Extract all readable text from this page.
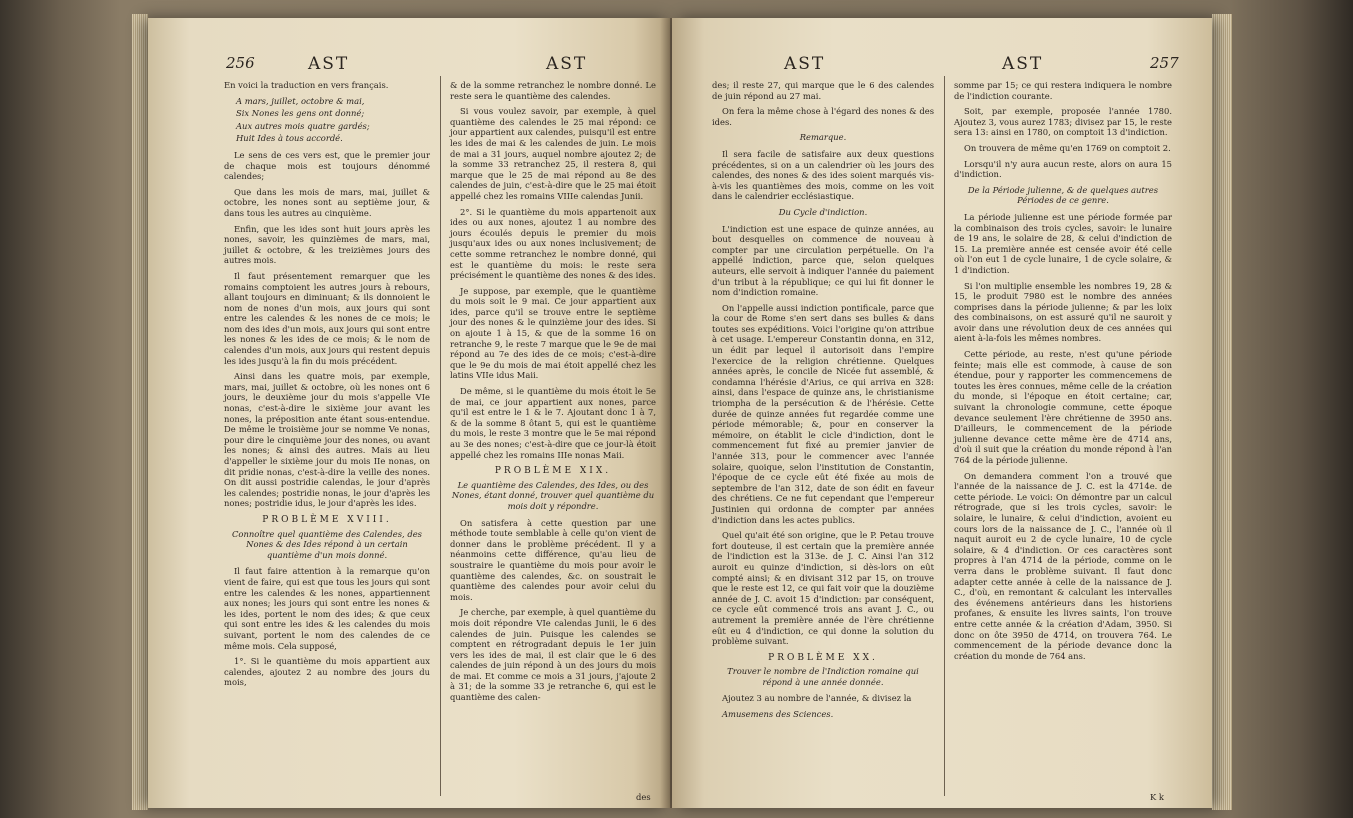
256	AST	AST

En voici la traduction en vers français.

A mars, juillet, octobre & mai,

Six Nones les gens ont donné;

Aux autres mois quatre gardés;

Huit Ides à tous accordé.

Le sens de ces vers est, que le premier jour de chaque mois est toujours dénommé calendes;

Que dans les mois de mars, mai, juillet & octobre, les nones sont au septième jour, & dans tous les autres au cinquième.

Enfin, que les ides sont huit jours après les nones, savoir, les quinzièmes de mars, mai, juillet & octobre, & les treizièmes jours des autres mois.

Il faut présentement remarquer que les romains comptoient les autres jours à rebours, allant toujours en diminuant; & ils donnoient le nom de nones d'un mois, aux jours qui sont entre les calendes & les nones de ce mois; le nom des ides d'un mois, aux jours qui sont entre les nones & les ides de ce mois; & le nom de calendes d'un mois, aux jours qui restent depuis les ides jusqu'à la fin du mois précédent.

Ainsi dans les quatre mois, par exemple, mars, mai, juillet & octobre, où les nones ont 6 jours, le deuxième jour du mois s'appelle VIe nonas, c'est-à-dire le sixième jour avant les nones, la préposition ante étant sous-entendue. De même le troisième jour se nomme Ve nonas, pour dire le cinquième jour des nones, ou avant les nones; & ainsi des autres. Mais au lieu d'appeller le sixième jour du mois IIe nonas, on dit pridie nonas, c'est-à-dire la veille des nones. On dit aussi postridie calendas, le jour d'après les calendes; postridie nonas, le jour d'après les nones; postridie idus, le jour d'après les ides.

PROBLÈME XVIII.

Connoître quel quantième des Calendes, des Nones & des Ides répond à un certain quantième d'un mois donné.

Il faut faire attention à la remarque qu'on vient de faire, qui est que tous les jours qui sont entre les calendes & les nones, appartiennent aux nones; les jours qui sont entre les nones & les ides, portent le nom des ides; & que ceux qui sont entre les ides & les calendes du mois suivant, portent le nom des calendes de ce même mois. Cela supposé,

1°. Si le quantième du mois appartient aux calendes, ajoutez 2 au nombre des jours du mois,

& de la somme retranchez le nombre donné. Le reste sera le quantième des calendes.

Si vous voulez savoir, par exemple, à quel quantième des calendes le 25 mai répond: ce jour appartient aux calendes, puisqu'il est entre les ides de mai & les calendes de juin. Le mois de mai a 31 jours, auquel nombre ajoutez 2; de la somme 33 retranchez 25, il restera 8, qui marque que le 25 de mai répond au 8e des calendes de juin, c'est-à-dire que le 25 mai étoit appellé chez les romains VIIIe calendas Junii.

2°. Si le quantième du mois appartenoit aux ides ou aux nones, ajoutez 1 au nombre des jours écoulés depuis le premier du mois jusqu'aux ides ou aux nones inclusivement; de cette somme retranchez le nombre donné, qui est le quantième du mois: le reste sera précisément le quantième des nones & des ides.

Je suppose, par exemple, que le quantième du mois soit le 9 mai. Ce jour appartient aux ides, parce qu'il se trouve entre le septième jour des nones & le quinzième jour des ides. Si on ajoute 1 à 15, & que de la somme 16 on retranche 9, le reste 7 marque que le 9e de mai répond au 7e des ides de ce mois; c'est-à-dire que le 9e du mois de mai étoit appellé chez les latins VIIe idus Maii.

De même, si le quantième du mois étoit le 5e de mai, ce jour appartient aux nones, parce qu'il est entre le 1 & le 7. Ajoutant donc 1 à 7, & de la somme 8 ôtant 5, qui est le quantième du mois, le reste 3 montre que le 5e mai répond au 3e des nones; c'est-à-dire que ce jour-là étoit appellé chez les romains IIIe nonas Maii.

PROBLÈME XIX.

Le quantième des Calendes, des Ides, ou des Nones, étant donné, trouver quel quantième du mois doit y répondre.

On satisfera à cette question par une méthode toute semblable à celle qu'on vient de donner dans le problème précédent. Il y a néanmoins cette différence, qu'au lieu de soustraire le quantième du mois pour avoir le quantième des calendes, &c. on soustrait le quantième des calendes pour avoir celui du mois.

Je cherche, par exemple, à quel quantième du mois doit répondre VIe calendas Junii, le 6 des calendes de juin. Puisque les calendes se comptent en rétrogradant depuis le 1er juin vers les ides de mai, il est clair que le 6 des calendes de juin répond à un des jours du mois de mai. Et comme ce mois a 31 jours, j'ajoute 2 à 31; de la somme 33 je retranche 6, qui est le quantième des calen-

des
AST	AST	257

des; il reste 27, qui marque que le 6 des calendes de juin répond au 27 mai.

On fera la même chose à l'égard des nones & des ides.

Remarque.

Il sera facile de satisfaire aux deux questions précédentes, si on a un calendrier où les jours des calendes, des nones & des ides soient marqués vis-à-vis les quantièmes des mois, comme on les voit dans le calendrier ecclésiastique.

Du Cycle d'indiction.

L'indiction est une espace de quinze années, au bout desquelles on commence de nouveau à compter par une circulation perpétuelle. On l'a appellé indiction, parce que, selon quelques auteurs, elle servoit à indiquer l'année du paiement d'un tribut à la république; ce qui lui fit donner le nom d'indiction romaine.

On l'appelle aussi indiction pontificale, parce que la cour de Rome s'en sert dans ses bulles & dans toutes ses expéditions. Voici l'origine qu'on attribue à cet usage. L'empereur Constantin donna, en 312, un édit par lequel il autorisoit dans l'empire l'exercice de la religion chrétienne. Quelques années après, le concile de Nicée fut assemblé, & condamna l'hérésie d'Arius, ce qui arriva en 328: ainsi, dans l'espace de quinze ans, le christianisme triompha de la persécution & de l'hérésie. Cette durée de quinze années fut regardée comme une période mémorable; &, pour en conserver la mémoire, on établit le cicle d'indiction, dont le commencement fut fixé au premier janvier de l'année 313, pour le commencer avec l'année solaire, quoique, selon l'institution de Constantin, l'époque de ce cycle eût été fixée au mois de septembre de l'an 312, date de son édit en faveur des chrétiens. Ce ne fut cependant que l'empereur Justinien qui ordonna de compter par années d'indiction dans les actes publics.

Quel qu'ait été son origine, que le P. Petau trouve fort douteuse, il est certain que la première année de l'indiction est la 313e. de J. C. Ainsi l'an 312 auroit eu quinze d'indiction, si dès-lors on eût compté ainsi; & en divisant 312 par 15, on trouve que le reste est 12, ce qui fait voir que la douzième année de J. C. avoit 15 d'indiction: par conséquent, ce cycle eût commencé trois ans avant J. C., ou autrement la première année de l'ère chrétienne eût eu 4 d'indiction, ce qui donne la solution du problème suivant.

PROBLÈME XX.

Trouver le nombre de l'Indiction romaine qui répond à une année donnée.

Ajoutez 3 au nombre de l'année, & divisez la

Amusemens des Sciences.

somme par 15; ce qui restera indiquera le nombre de l'indiction courante.

Soit, par exemple, proposée l'année 1780. Ajoutez 3, vous aurez 1783; divisez par 15, le reste sera 13: ainsi en 1780, on comptoit 13 d'indiction.

On trouvera de même qu'en 1769 on comptoit 2.

Lorsqu'il n'y aura aucun reste, alors on aura 15 d'indiction.

De la Période julienne, & de quelques autres Périodes de ce genre.

La période julienne est une période formée par la combinaison des trois cycles, savoir: le lunaire de 19 ans, le solaire de 28, & celui d'indiction de 15. La première année est censée avoir été celle où l'on eut 1 de cycle lunaire, 1 de cycle solaire, & 1 d'indiction.

Si l'on multiplie ensemble les nombres 19, 28 & 15, le produit 7980 est le nombre des années comprises dans la période julienne; & par les loix des combinaisons, on est assuré qu'il ne sauroit y avoir dans une révolution deux de ces années qui aient à-la-fois les mêmes nombres.

Cette période, au reste, n'est qu'une période feinte; mais elle est commode, à cause de son étendue, pour y rapporter les commencemens de toutes les ères connues, même celle de la création du monde, si l'époque en étoit certaine; car, suivant la chronologie commune, cette époque devance seulement l'ère chrétienne de 3950 ans. D'ailleurs, le commencement de la période julienne devance cette même ère de 4714 ans, d'où il suit que la création du monde répond à l'an 764 de la période julienne.

On demandera comment l'on a trouvé que l'année de la naissance de J. C. est la 4714e. de cette période. Le voici: On démontre par un calcul rétrograde, que si les trois cycles, savoir: le solaire, le lunaire, & celui d'indiction, avoient eu cours lors de la naissance de J. C., l'année où il naquit auroit eu 2 de cycle lunaire, 10 de cycle solaire, & 4 d'indiction. Or ces caractères sont propres à l'an 4714 de la période, comme on le verra dans le problème suivant. Il faut donc adapter cette année à celle de la naissance de J. C., d'où, en remontant & calculant les intervalles des événemens antérieurs dans les historiens profanes, & ensuite les livres saints, l'on trouve entre cette année & la création d'Adam, 3950. Si donc on ôte 3950 de 4714, on trouvera 764. Le commencement de la période devance donc la création du monde de 764 ans.

K k
